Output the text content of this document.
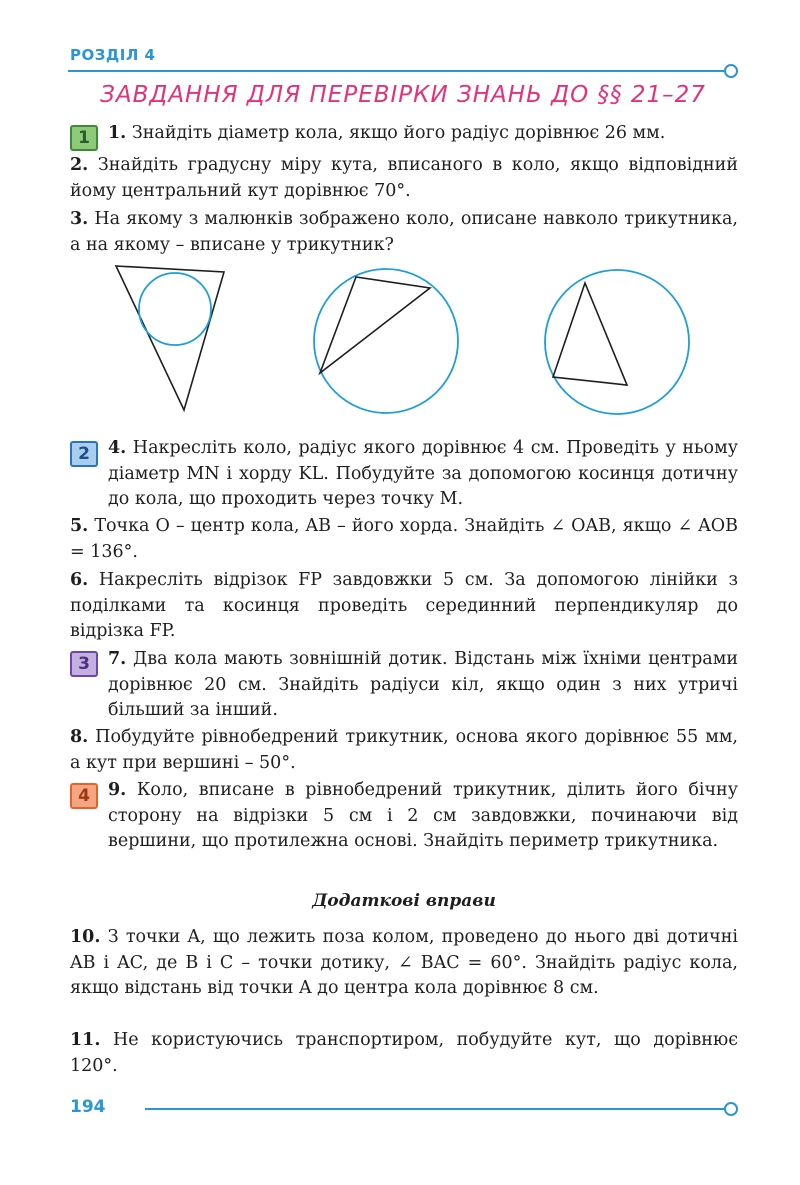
РОЗДІЛ 4
ЗАВДАННЯ ДЛЯ ПЕРЕВІРКИ ЗНАНЬ ДО §§ 21–27
1	1. Знайдіть діаметр кола, якщо його радіус дорівнює 26 мм.
2. Знайдіть градусну міру кута, вписаного в коло, якщо відповідний йому центральний кут дорівнює 70°.
3. На якому з малюнків зображено коло, описане навколо трикутника, а на якому – вписане у трикутник?
2	4. Накресліть коло, радіус якого дорівнює 4 см. Проведіть у ньому діаметр MN і хорду KL. Побудуйте за допомогою косинця дотичну до кола, що проходить через точку M.
5. Точка O – центр кола, AB – його хорда. Знайдіть ∠ OAB, якщо ∠ AOB = 136°.
6. Накресліть відрізок FP завдовжки 5 см. За допомогою лінійки з поділками та косинця проведіть серединний перпендикуляр до відрізка FP.
3	7. Два кола мають зовнішній дотик. Відстань між їхніми центрами дорівнює 20 см. Знайдіть радіуси кіл, якщо один з них утричі більший за інший.
8. Побудуйте рівнобедрений трикутник, основа якого дорівнює 55 мм, а кут при вершині – 50°.
4	9. Коло, вписане в рівнобедрений трикутник, ділить його бічну сторону на відрізки 5 см і 2 см завдовжки, починаючи від вершини, що протилежна основі. Знайдіть периметр трикутника.
Додаткові вправи
10. З точки A, що лежить поза колом, проведено до нього дві дотичні AB і AC, де B і C – точки дотику, ∠ BAC = 60°. Знайдіть радіус кола, якщо відстань від точки A до центра кола дорівнює 8 см.
11. Не користуючись транспортиром, побудуйте кут, що дорівнює 120°.
194
